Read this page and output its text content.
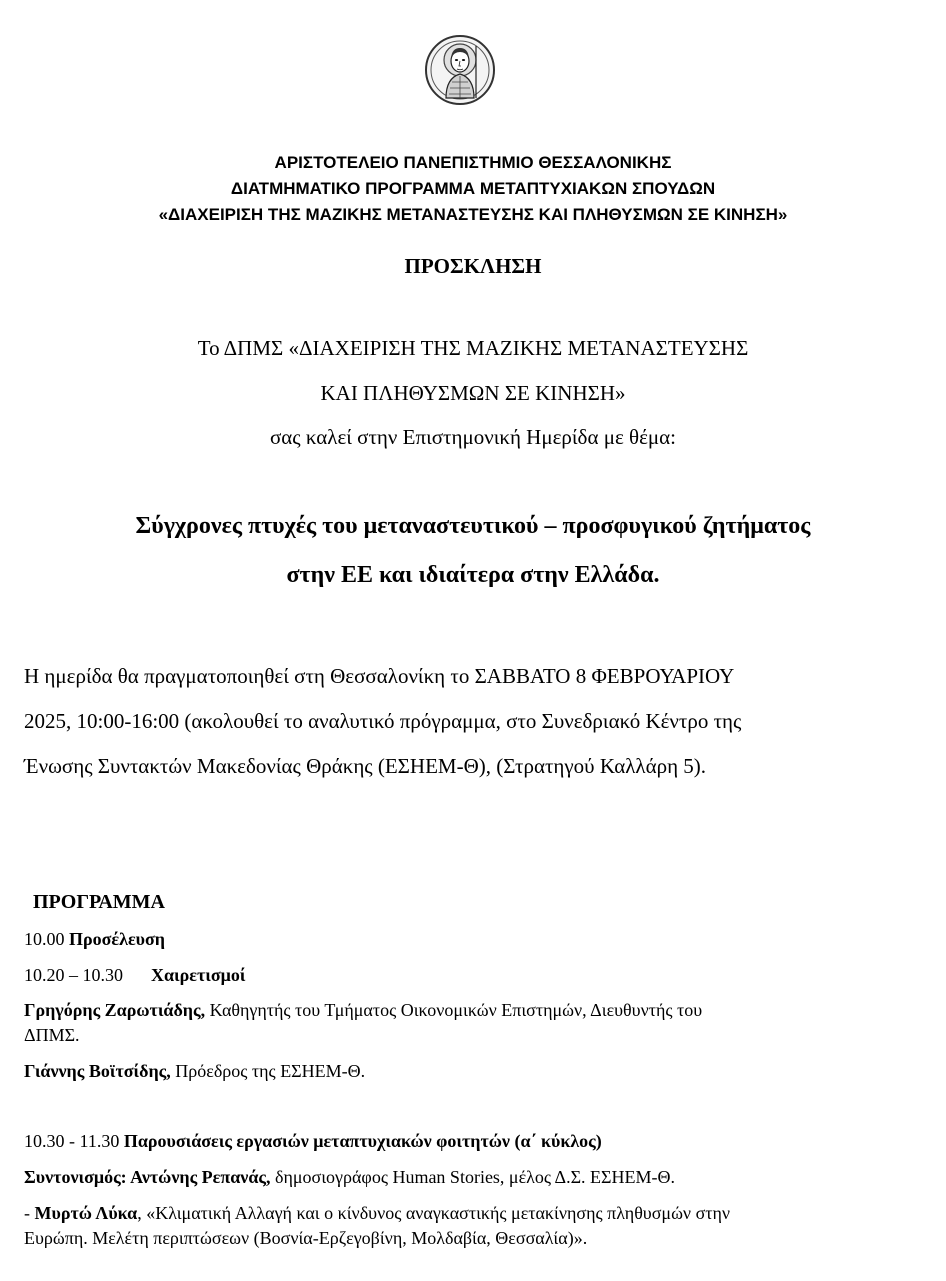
ΑΡΙΣΤΟΤΕΛΕΙΟ ΠΑΝΕΠΙΣΤΗΜΙΟ ΘΕΣΣΑΛΟΝΙΚΗΣ
ΔΙΑΤΜΗΜΑΤΙΚΟ ΠΡΟΓΡΑΜΜΑ ΜΕΤΑΠΤΥΧΙΑΚΩΝ ΣΠΟΥΔΩΝ
«ΔΙΑΧΕΙΡΙΣΗ ΤΗΣ ΜΑΖΙΚΗΣ ΜΕΤΑΝΑΣΤΕΥΣΗΣ ΚΑΙ ΠΛΗΘΥΣΜΩΝ ΣΕ ΚΙΝΗΣΗ»
ΠΡΟΣΚΛΗΣΗ
Το ΔΠΜΣ «ΔΙΑΧΕΙΡΙΣΗ ΤΗΣ ΜΑΖΙΚΗΣ ΜΕΤΑΝΑΣΤΕΥΣΗΣ
ΚΑΙ ΠΛΗΘΥΣΜΩΝ ΣΕ ΚΙΝΗΣΗ»
σας καλεί στην Επιστημονική Ημερίδα με θέμα:
Σύγχρονες πτυχές του μεταναστευτικού – προσφυγικού ζητήματος
στην ΕΕ και ιδιαίτερα στην Ελλάδα.
Η ημερίδα θα πραγματοποιηθεί στη Θεσσαλονίκη το ΣΑΒΒΑΤΟ 8 ΦΕΒΡΟΥΑΡΙΟΥ
2025, 10:00-16:00 (ακολουθεί το αναλυτικό πρόγραμμα, στο Συνεδριακό Κέντρο της
Ένωσης Συντακτών Μακεδονίας Θράκης (ΕΣΗΕΜ-Θ), (Στρατηγού Καλλάρη 5).
ΠΡΟΓΡΑΜΜΑ
10.00 Προσέλευση
10.20 – 10.30 Χαιρετισμοί
Γρηγόρης Ζαρωτιάδης, Καθηγητής του Τμήματος Οικονομικών Επιστημών, Διευθυντής του
ΔΠΜΣ.
Γιάννης Βοϊτσίδης, Πρόεδρος της ΕΣΗΕΜ-Θ.
10.30 - 11.30 Παρουσιάσεις εργασιών μεταπτυχιακών φοιτητών (α΄ κύκλος)
Συντονισμός: Αντώνης Ρεπανάς, δημοσιογράφος Human Stories, μέλος Δ.Σ. ΕΣΗΕΜ-Θ.
- Μυρτώ Λύκα, «Κλιματική Αλλαγή και ο κίνδυνος αναγκαστικής μετακίνησης πληθυσμών στην
Ευρώπη. Μελέτη περιπτώσεων (Βοσνία-Ερζεγοβίνη, Μολδαβία, Θεσσαλία)».
